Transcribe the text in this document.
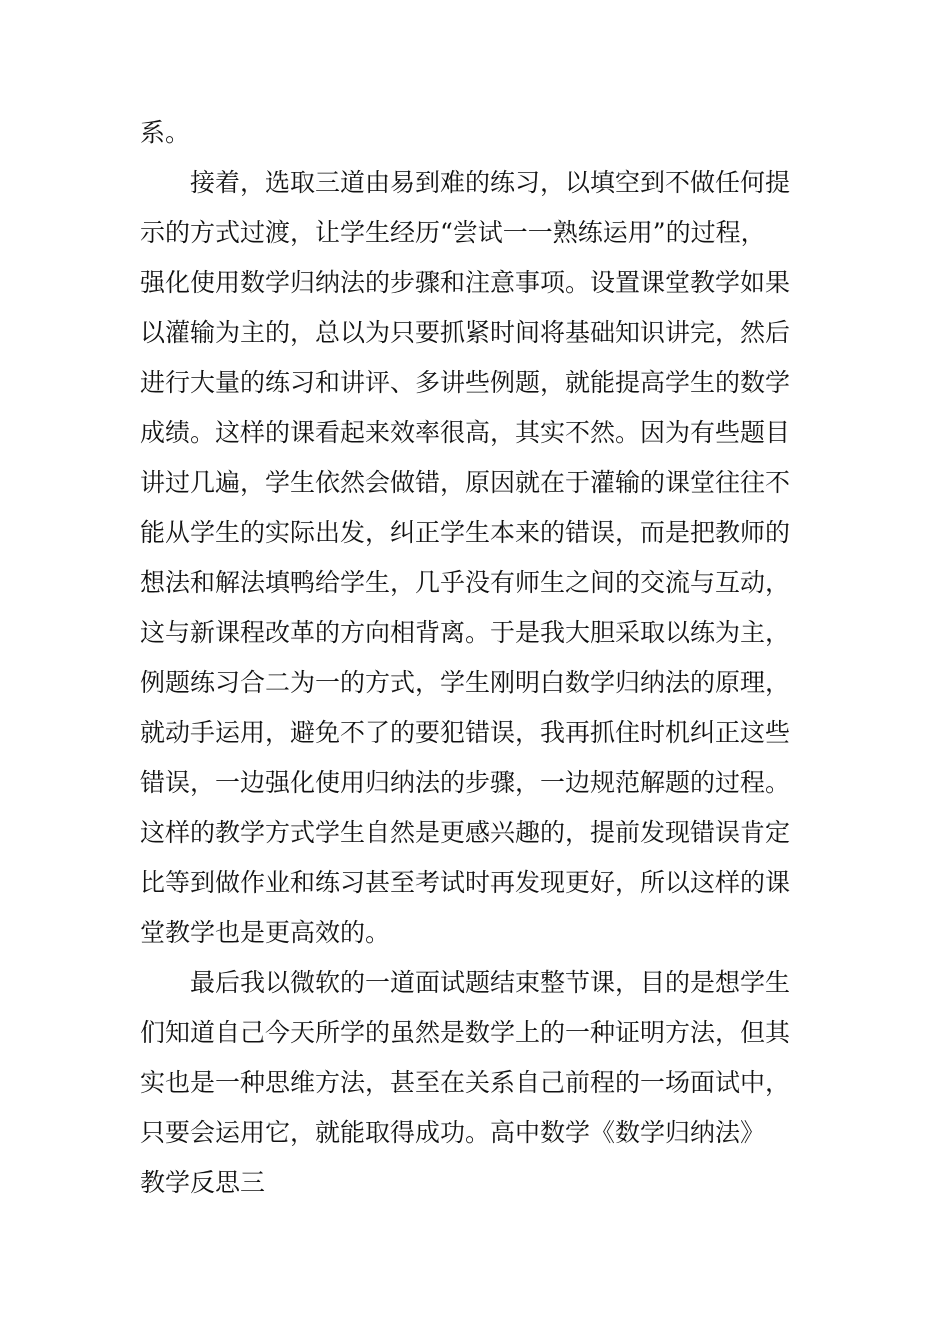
系。
接着，选取三道由易到难的练习，以填空到不做任何提
示的方式过渡，让学生经历“尝试一一熟练运用”的过程，
强化使用数学归纳法的步骤和注意事项。设置课堂教学如果
以灌输为主的，总以为只要抓紧时间将基础知识讲完，然后
进行大量的练习和讲评、多讲些例题，就能提高学生的数学
成绩。这样的课看起来效率很高，其实不然。因为有些题目
讲过几遍，学生依然会做错，原因就在于灌输的课堂往往不
能从学生的实际出发，纠正学生本来的错误，而是把教师的
想法和解法填鸭给学生，几乎没有师生之间的交流与互动，
这与新课程改革的方向相背离。于是我大胆采取以练为主，
例题练习合二为一的方式，学生刚明白数学归纳法的原理，
就动手运用，避免不了的要犯错误，我再抓住时机纠正这些
错误，一边强化使用归纳法的步骤，一边规范解题的过程。
这样的教学方式学生自然是更感兴趣的，提前发现错误肯定
比等到做作业和练习甚至考试时再发现更好，所以这样的课
堂教学也是更高效的。
最后我以微软的一道面试题结束整节课，目的是想学生
们知道自己今天所学的虽然是数学上的一种证明方法，但其
实也是一种思维方法，甚至在关系自己前程的一场面试中，
只要会运用它，就能取得成功。高中数学《数学归纳法》
教学反思三
